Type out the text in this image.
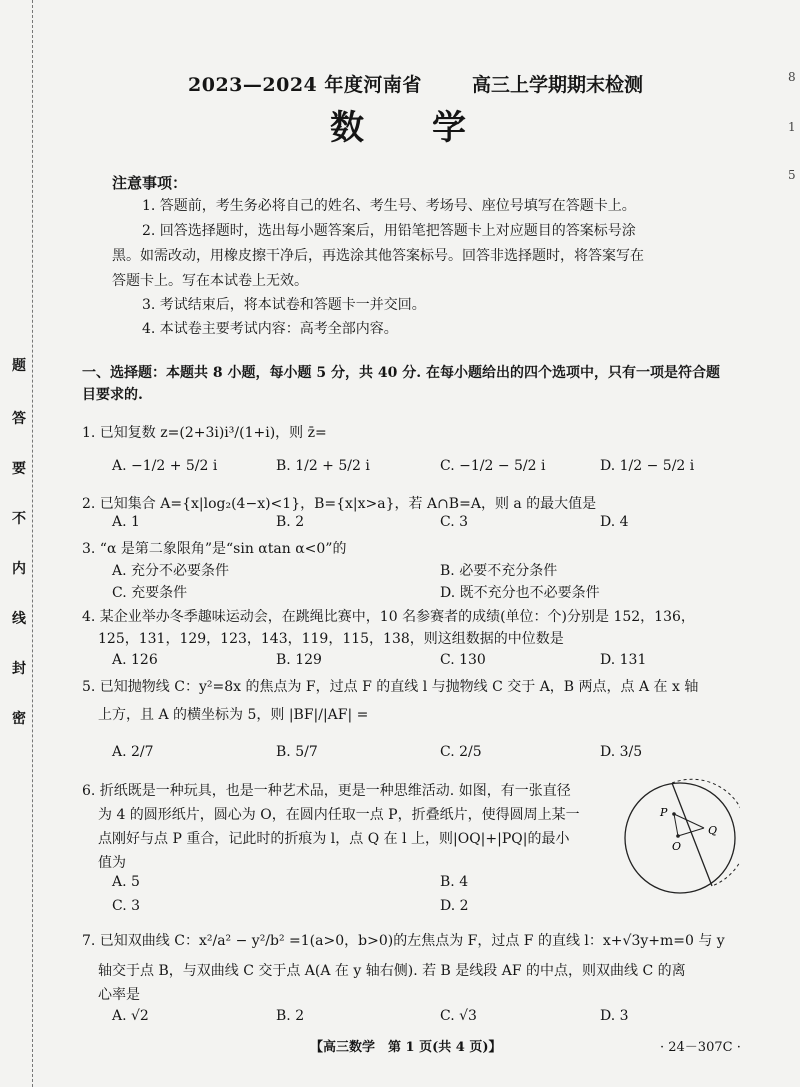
题
答
要
不
内
线
封
密
8
1
5
2023—2024 年度河南省	高三上学期期末检测
数学
注意事项：
1. 答题前，考生务必将自己的姓名、考生号、考场号、座位号填写在答题卡上。
2. 回答选择题时，选出每小题答案后，用铅笔把答题卡上对应题目的答案标号涂
黑。如需改动，用橡皮擦干净后，再选涂其他答案标号。回答非选择题时，将答案写在
答题卡上。写在本试卷上无效。
3. 考试结束后，将本试卷和答题卡一并交回。
4. 本试卷主要考试内容：高考全部内容。
一、选择题：本题共 8 小题，每小题 5 分，共 40 分. 在每小题给出的四个选项中，只有一项是符合题目要求的.
1. 已知复数 z=(2+3i)i³/(1+i)，则 z̄=
A. −1/2 + 5/2 i	B. 1/2 + 5/2 i	C. −1/2 − 5/2 i	D. 1/2 − 5/2 i
2. 已知集合 A={x|log₂(4−x)<1}，B={x|x>a}，若 A∩B=A，则 a 的最大值是
A. 1	B. 2	C. 3	D. 4
3. “α 是第二象限角”是“sin αtan α<0”的
A. 充分不必要条件	B. 必要不充分条件
C. 充要条件	D. 既不充分也不必要条件
4. 某企业举办冬季趣味运动会，在跳绳比赛中，10 名参赛者的成绩(单位：个)分别是 152，136，
125，131，129，123，143，119，115，138，则这组数据的中位数是
A. 126	B. 129	C. 130	D. 131
5. 已知抛物线 C：y²=8x 的焦点为 F，过点 F 的直线 l 与抛物线 C 交于 A，B 两点，点 A 在 x 轴
上方，且 A 的横坐标为 5，则 |BF|/|AF| =
A. 2/7	B. 5/7	C. 2/5	D. 3/5
6. 折纸既是一种玩具，也是一种艺术品，更是一种思维活动. 如图，有一张直径
为 4 的圆形纸片，圆心为 O，在圆内任取一点 P，折叠纸片，使得圆周上某一
点刚好与点 P 重合，记此时的折痕为 l，点 Q 在 l 上，则|OQ|+|PQ|的最小
值为
A. 5	B. 4
C. 3	D. 2
P
Q
O
7. 已知双曲线 C：x²/a² − y²/b² =1(a>0，b>0)的左焦点为 F，过点 F 的直线 l：x+√3y+m=0 与 y
轴交于点 B，与双曲线 C 交于点 A(A 在 y 轴右侧). 若 B 是线段 AF 的中点，则双曲线 C 的离
心率是
A. √2	B. 2	C. √3	D. 3
【高三数学　第 1 页(共 4 页)】	· 24－307C ·
